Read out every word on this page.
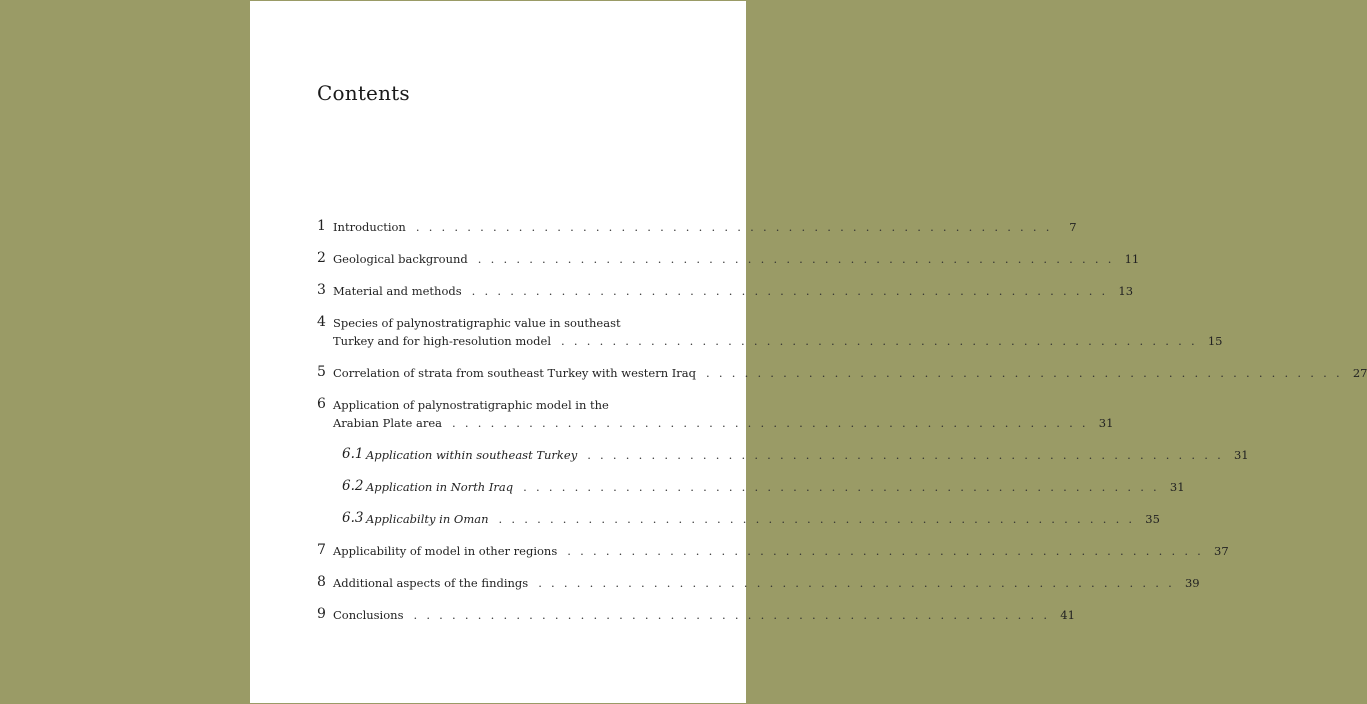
Contents
1 Introduction .................................................. 7
2 Geological background .................................................. 11
3 Material and methods .................................................. 13
4 Species of palynostratigraphic value in southeast
Turkey and for high-resolution model .................................................. 15
5 Correlation of strata from southeast Turkey with western Iraq .................................................. 27
6 Application of palynostratigraphic model in the
Arabian Plate area .................................................. 31
6.1 Application within southeast Turkey .................................................. 31
6.2 Application in North Iraq .................................................. 31
6.3 Applicabilty in Oman .................................................. 35
7 Applicability of model in other regions .................................................. 37
8 Additional aspects of the findings .................................................. 39
9 Conclusions .................................................. 41
